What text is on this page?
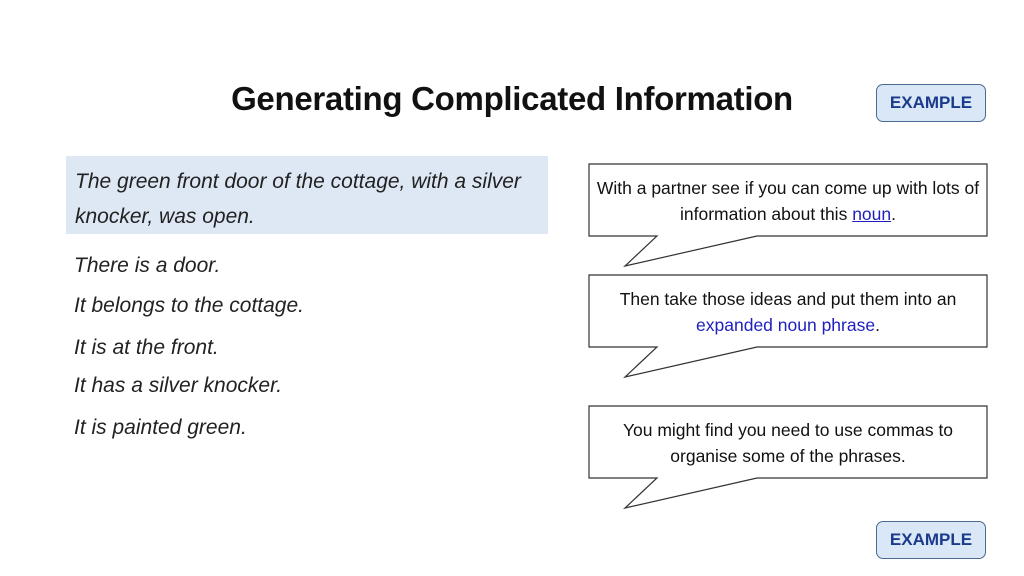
Generating Complicated Information	EXAMPLE
The green front door of the cottage, with a silver knocker, was open.
There is a door.
It belongs to the cottage.
It is at the front.
It has a silver knocker.
It is painted green.
With a partner see if you can come up with lots of information about this noun.
Then take those ideas and put them into an expanded noun phrase.
You might find you need to use commas to organise some of the phrases.
EXAMPLE
